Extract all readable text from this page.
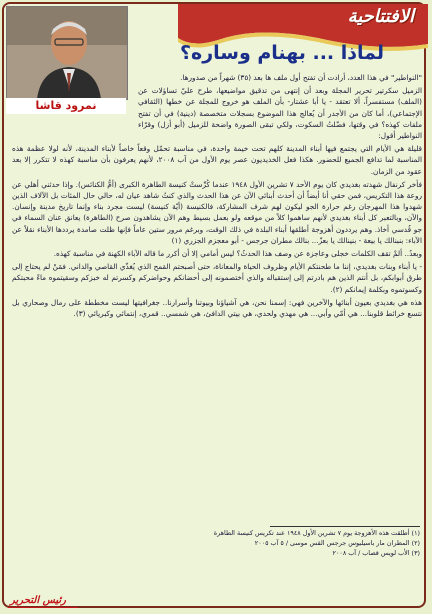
الافتتاحية
نمرود قاشا
لماذا ... بهنام وساره؟

"النواطير" في هذا العدد، أرادت أن تفتح أول ملف ها بعد (٣٥) شهراً من صدورها.

الزميل سكرتير تحرير المجلة وبعد أن إنتهى من تدقيق مواضيعها، طرح عليّ تساؤلات عن (الملف) مستفسراً، ألا تعتقد - يا أبا عشتار- بأن الملف هو خروج للمجلة عن خطها (الثقافي الإجتماعي)، أما كان من الأجدر أن يُعالج هذا الموضوع بسجلات متخصصة (دينية) في أن تفتح ملفات كهذه؟ في وقتها، فضّلتُ السكوت، ولكي تبقى الصورة واضحة للزميل (أبو أزل) وقرّاء النواطير أقول:

قليلة هي الأيام التي يجتمع فيها أبناء المدينة كلهم تحت خيمة واحدة، في مناسبة تحمّل وقعاً خاصاً لأبناء المدينة، لأنه لولا عظمة هذه المناسبة لما تدافع الجميع للحضور. هكذا فعل الخديديون عصر يوم الأول من آب ٢٠٠٨، لأنهم يعرفون بأن مناسبة كهذه لا تتكرر إلا بعد عقود من الزمان.

فأخر كرنفال شهدته بغديدي كان يوم الأحد ٧ تشرين الأول ١٩٤٨ عندما كُرِّستْ كنيسة الطاهرة الكبرى (أمُّ الكنائس). وإذا حدثني أهلي عن روعة هذا التكريس، فمن حقي أنا أيضاً أن أحدث أبنائي الآن عن هذا الحدث والذي كنتُ شاهد عيان له، حالي حال المئات بل الآلاف الذين شهدوا هذا المهرجان رغم حرارة الجو ليكون لهم شرف المشاركة، فالكنيسة (أيّة كنيسة) ليست مجرد بناء وإنما تاريخ مدينة وإنسان. والآن، وبالتعبر كل أبناء بغديدي لأنهم ساهموا كلاً من موقعه ولو بعمل بسيط وهم الآن يشاهدون صرح (الطاهرة) يعانق عنان السماء في جو قُدسي أخاذ. وهم يرددون أهزوجة أطلقها أبناء البلدة في ذلك الوقت، وبرغم مرور ستين عاماً فإنها ظلت صامدة يرددها الأبناء نقلاً عن الآباء: بنبنالك يا بيعة - بنينالك يا بعزّ... بنالك مطران جرجس - أبو معجزم الجزري (١)

وبعدُ.. ألمْ تقف الكلمات خجلى وعاجزة عن وصف هذا الحدثُ؟ ليس أمامي إلا أن أكرر ما قاله الآباء الكهنة في مناسبة كهذه.

- يا أبناء وبنات بغديدي، إننا ما طحنتكم الأيام وظروف الحياة والمعاناة، حتى أصبحتم القمح الذي يُغذّي القاصي والداني. فمَنْ لم يحتاج إلى طرق أبوابكم، بل أنتم الذين هم بادرتم إلى إستقباله والذي أختصمونه إلى أحضانكم وحواضركم وكسرتم له خبزكم وسقيتموه ماءً محبتكم وكسوتموه وبكلمة إيمانكم (٢).

هذه هي بغديدي بعيون أبنائها والآخرين فهي: إسمنا نحن، هي آشياؤنا وبيوتنا وأسرارنا.. جغرافيتها ليست مخططة على رمال وصحاري بل نتسع خرائط قلوبنا... هي أمّي وأبي... هي مهدي ولحدي، هي بيتي الدافئ، هي شمسي.. قمري، إنتمائي وكبريائي (٣).

(١) أطلقت هذه الأهزوجة يوم ٧ تشرين الأول ١٩٤٨ عند تكريس كنيسة الطاهرة
(٢) المطران مار باسيليوس جرجس القس موسى / ٥ آب ٢٠٠٥
(٣) الأب لويس قصاب / آب ٢٠٠٨
رئيس التحرير
